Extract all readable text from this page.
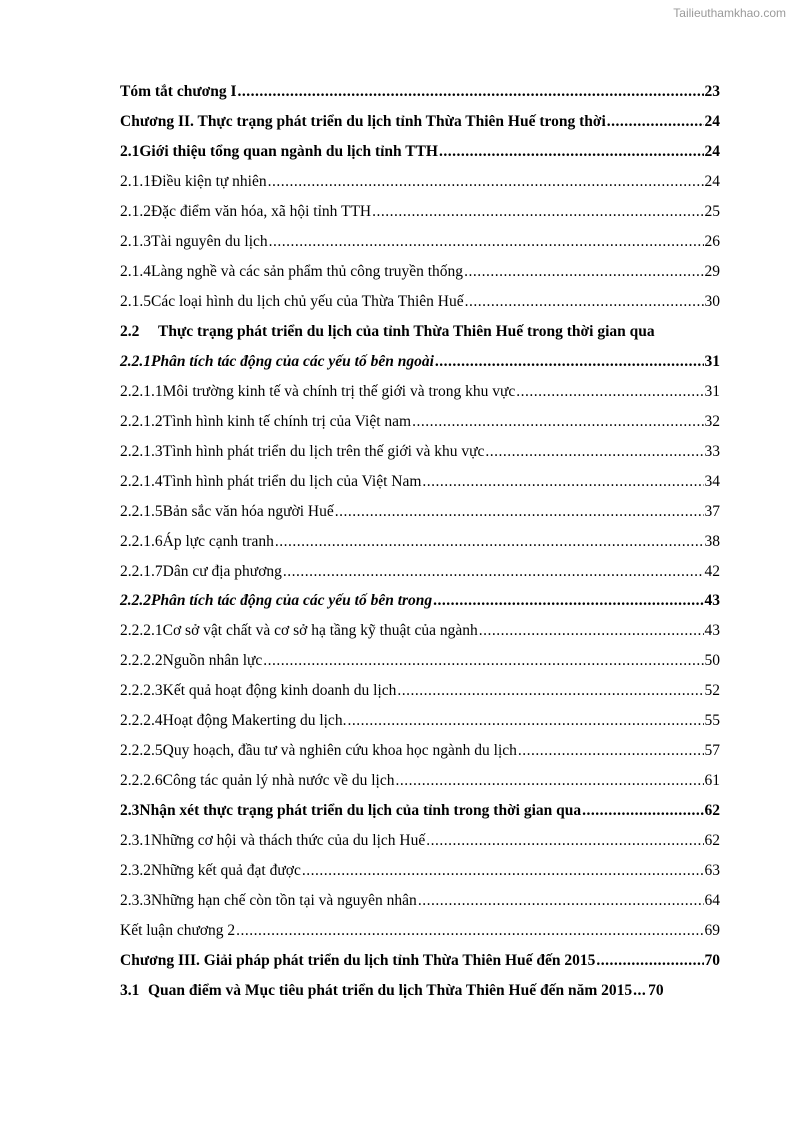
Tailieuthamkhao.com
Tóm tắt chương I .....	23
Chương II. Thực trạng phát triển du lịch tỉnh Thừa Thiên Huế trong thời .....	24
2.1 Giới thiệu tổng quan ngành du lịch tỉnh TTH .....	24
2.1.1 Điều kiện tự nhiên .....	24
2.1.2 Đặc điểm văn hóa, xã hội tỉnh TTH .....	25
2.1.3 Tài nguyên du lịch .....	26
2.1.4 Làng nghề và các sản phẩm thủ công truyền thống .....	29
2.1.5 Các loại hình du lịch chủ yếu của Thừa Thiên Huế .....	30
2.2	Thực trạng phát triển du lịch của tỉnh Thừa Thiên Huế trong thời gian qua
2.2.1 Phân tích tác động của các yếu tố bên ngoài .....	31
2.2.1.1 Môi trường kinh tế và chính trị thế giới và trong khu vực .....	31
2.2.1.2 Tình hình kinh tế chính trị của Việt nam .....	32
2.2.1.3 Tình hình phát triển du lịch trên thế giới và khu vực .....	33
2.2.1.4 Tình hình phát triển du lịch của Việt Nam .....	34
2.2.1.5 Bản sắc văn hóa người Huế .....	37
2.2.1.6 Áp lực cạnh tranh .....	38
2.2.1.7 Dân cư địa phương .....	42
2.2.2 Phân tích tác động của các yếu tố bên trong .....	43
2.2.2.1 Cơ sở vật chất và cơ sở hạ tầng kỹ thuật của ngành .....	43
2.2.2.2 Nguồn nhân lực .....	50
2.2.2.3 Kết quả hoạt động kinh doanh du lịch .....	52
2.2.2.4 Hoạt động Makerting du lịch. .....	55
2.2.2.5 Quy hoạch, đầu tư và nghiên cứu khoa học ngành du lịch .....	57
2.2.2.6 Công tác quản lý nhà nước về du lịch .....	61
2.3 Nhận xét thực trạng phát triển du lịch của tỉnh trong thời gian qua .....	62
2.3.1 Những cơ hội và thách thức của du lịch Huế .....	62
2.3.2 Những kết quả đạt được .....	63
2.3.3 Những hạn chế còn tồn tại và nguyên nhân .....	64
Kết luận chương 2 .....	69
Chương III. Giải pháp phát triển du lịch tỉnh Thừa Thiên Huế đến 2015 .....	70
3.1 Quan điểm và Mục tiêu phát triển du lịch Thừa Thiên Huế đến năm 2015 ..... 70
